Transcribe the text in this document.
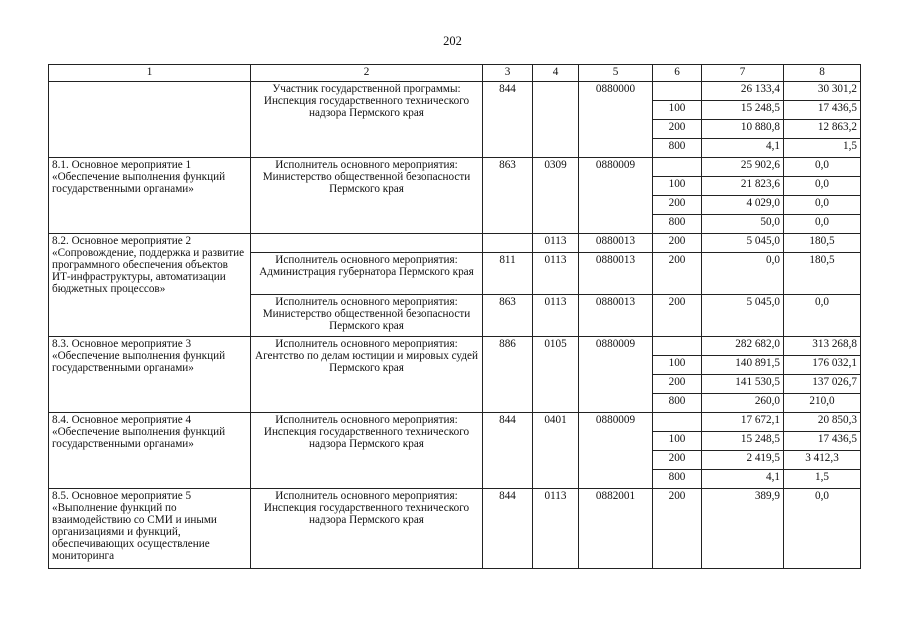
202
1	2	3	4	5	6	7	8
	Участник государственной программы: Инспекция государственного технического надзора Пермского края	844		0880000		26 133,4	30 301,2
					100	15 248,5	17 436,5
					200	10 880,8	12 863,2
					800	4,1	1,5
8.1. Основное мероприятие 1 «Обеспечение выполнения функций государственными органами»	Исполнитель основного мероприятия: Министерство общественной безопасности Пермского края	863	0309	0880009		25 902,6	0,0
					100	21 823,6	0,0
					200	4 029,0	0,0
					800	50,0	0,0
8.2. Основное мероприятие 2 «Сопровождение, поддержка и развитие программного обеспечения объектов ИТ-инфраструктуры, автоматизации бюджетных процессов»			0113	0880013	200	5 045,0	180,5
	Исполнитель основного мероприятия: Администрация губернатора Пермского края	811	0113	0880013	200	0,0	180,5
	Исполнитель основного мероприятия: Министерство общественной безопасности Пермского края	863	0113	0880013	200	5 045,0	0,0
8.3. Основное мероприятие 3 «Обеспечение выполнения функций государственными органами»	Исполнитель основного мероприятия: Агентство по делам юстиции и мировых судей Пермского края	886	0105	0880009		282 682,0	313 268,8
					100	140 891,5	176 032,1
					200	141 530,5	137 026,7
					800	260,0	210,0
8.4. Основное мероприятие 4 «Обеспечение выполнения функций государственными органами»	Исполнитель основного мероприятия: Инспекция государственного технического надзора Пермского края	844	0401	0880009		17 672,1	20 850,3
					100	15 248,5	17 436,5
					200	2 419,5	3 412,3
					800	4,1	1,5
8.5. Основное мероприятие 5 «Выполнение функций по взаимодействию со СМИ и иными организациями и функций, обеспечивающих осуществление мониторинга	Исполнитель основного мероприятия: Инспекция государственного технического надзора Пермского края	844	0113	0882001	200	389,9	0,0
